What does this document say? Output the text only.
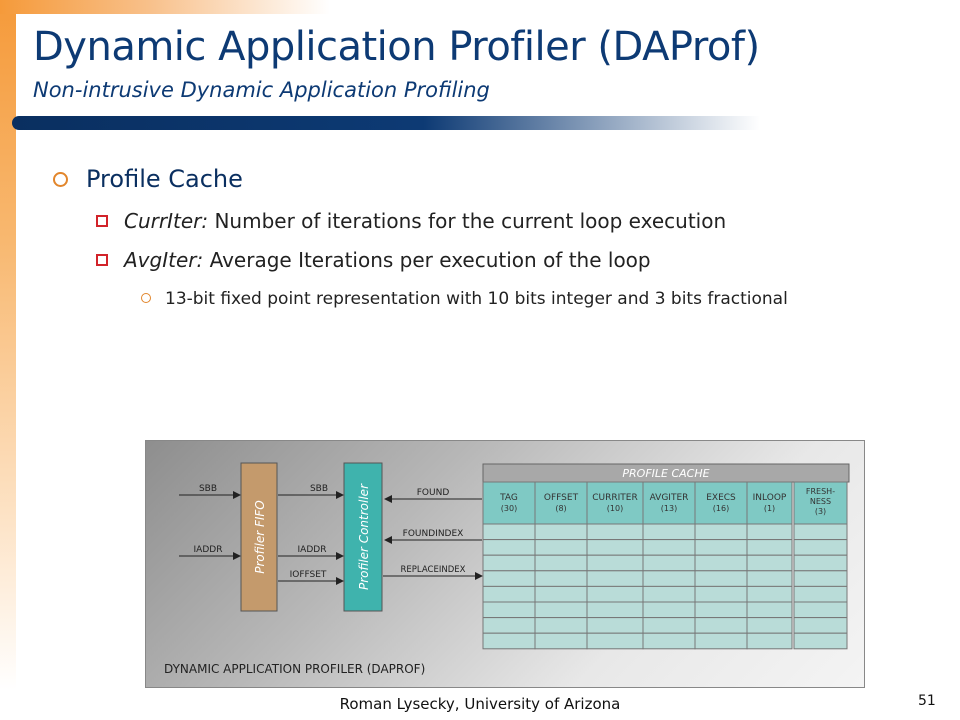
Dynamic Application Profiler (DAProf)
Non-intrusive Dynamic Application Profiling
Profile Cache
CurrIter: Number of iterations for the current loop execution
AvgIter: Average Iterations per execution of the loop
13-bit fixed point representation with 10 bits integer and 3 bits fractional
Profiler FIFO	Profiler Controller
SBB
IADDR
SBB
IADDR
IOFFSET
FOUND
FOUNDINDEX
REPLACEINDEX
PROFILE CACHE
TAG
(30)
OFFSET
(8)
CURRITER
(10)
AVGITER
(13)
EXECS
(16)
INLOOP
(1)
FRESH-
NESS
(3)
DYNAMIC APPLICATION PROFILER (DAPROF)
Roman Lysecky, University of Arizona	51
